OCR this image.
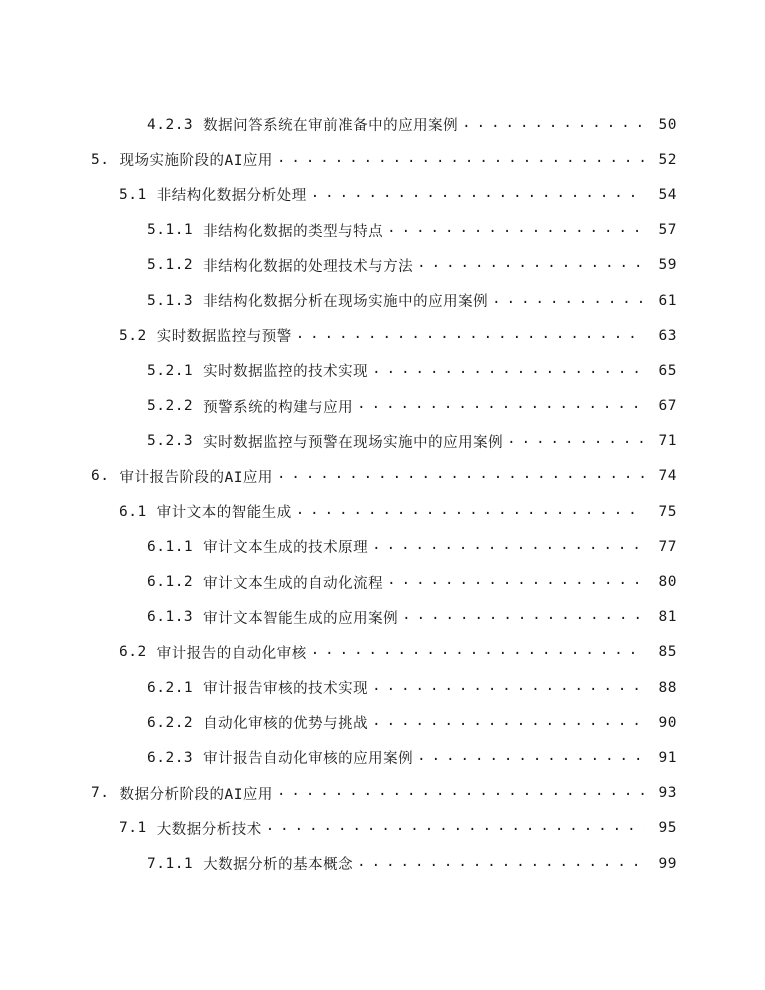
4.2.3 数据问答系统在审前准备中的应用案例 . . .	50
5. 现场实施阶段的AI应用 . . .	52
5.1 非结构化数据分析处理 . . .	54
5.1.1 非结构化数据的类型与特点 . . .	57
5.1.2 非结构化数据的处理技术与方法 . . .	59
5.1.3 非结构化数据分析在现场实施中的应用案例 . . .	61
5.2 实时数据监控与预警 . . .	63
5.2.1 实时数据监控的技术实现 . . .	65
5.2.2 预警系统的构建与应用 . . .	67
5.2.3 实时数据监控与预警在现场实施中的应用案例 . . .	71
6. 审计报告阶段的AI应用 . . .	74
6.1 审计文本的智能生成 . . .	75
6.1.1 审计文本生成的技术原理 . . .	77
6.1.2 审计文本生成的自动化流程 . . .	80
6.1.3 审计文本智能生成的应用案例 . . .	81
6.2 审计报告的自动化审核 . . .	85
6.2.1 审计报告审核的技术实现 . . .	88
6.2.2 自动化审核的优势与挑战 . . .	90
6.2.3 审计报告自动化审核的应用案例 . . .	91
7. 数据分析阶段的AI应用 . . .	93
7.1 大数据分析技术 . . .	95
7.1.1 大数据分析的基本概念 . . .	99
